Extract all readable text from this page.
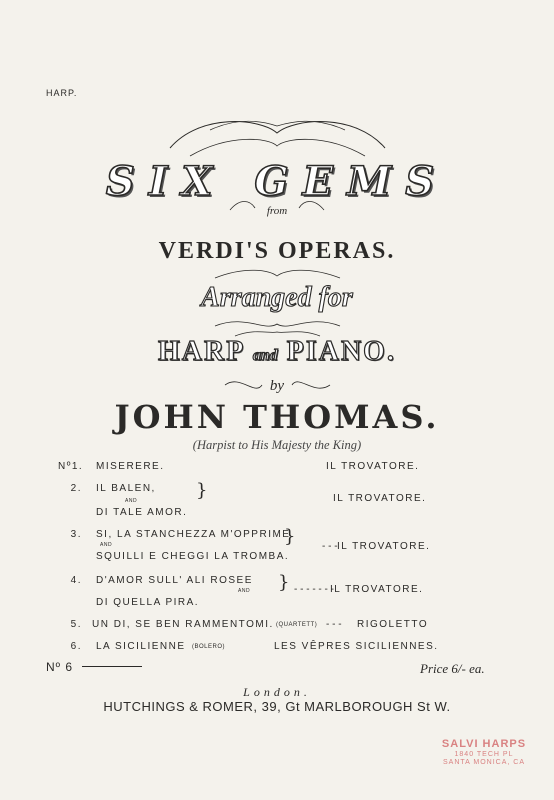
HARP.
SIX GEMS
from
VERDI'S OPERAS.
Arranged for
HARP and PIANO.
by
JOHN THOMAS.
(Harpist to His Majesty the King)
Nº1. MISERERE.	IL TROVATORE.
2. IL BALEN,
AND
DI TALE AMOR.
}	IL TROVATORE.
3. SI, LA STANCHEZZA M'OPPRIME
AND
SQUILLI E CHEGGI LA TROMBA.
}	- - - IL TROVATORE.
4. D'AMOR SULL' ALI ROSEE
AND
DI QUELLA PIRA.
} - - - - - - -
IL TROVATORE.
5. UN DI, SE BEN RAMMENTOMI. (QUARTETT) - - - RIGOLETTO
6. LA SICILIENNE (BOLERO)	LES VÊPRES SICILIENNES.
Nº 6	Price 6/- ea.
London.
HUTCHINGS & ROMER, 39, Gt MARLBOROUGH St W.
SALVI HARPS
1840 TECH PL
SANTA MONICA, CA
